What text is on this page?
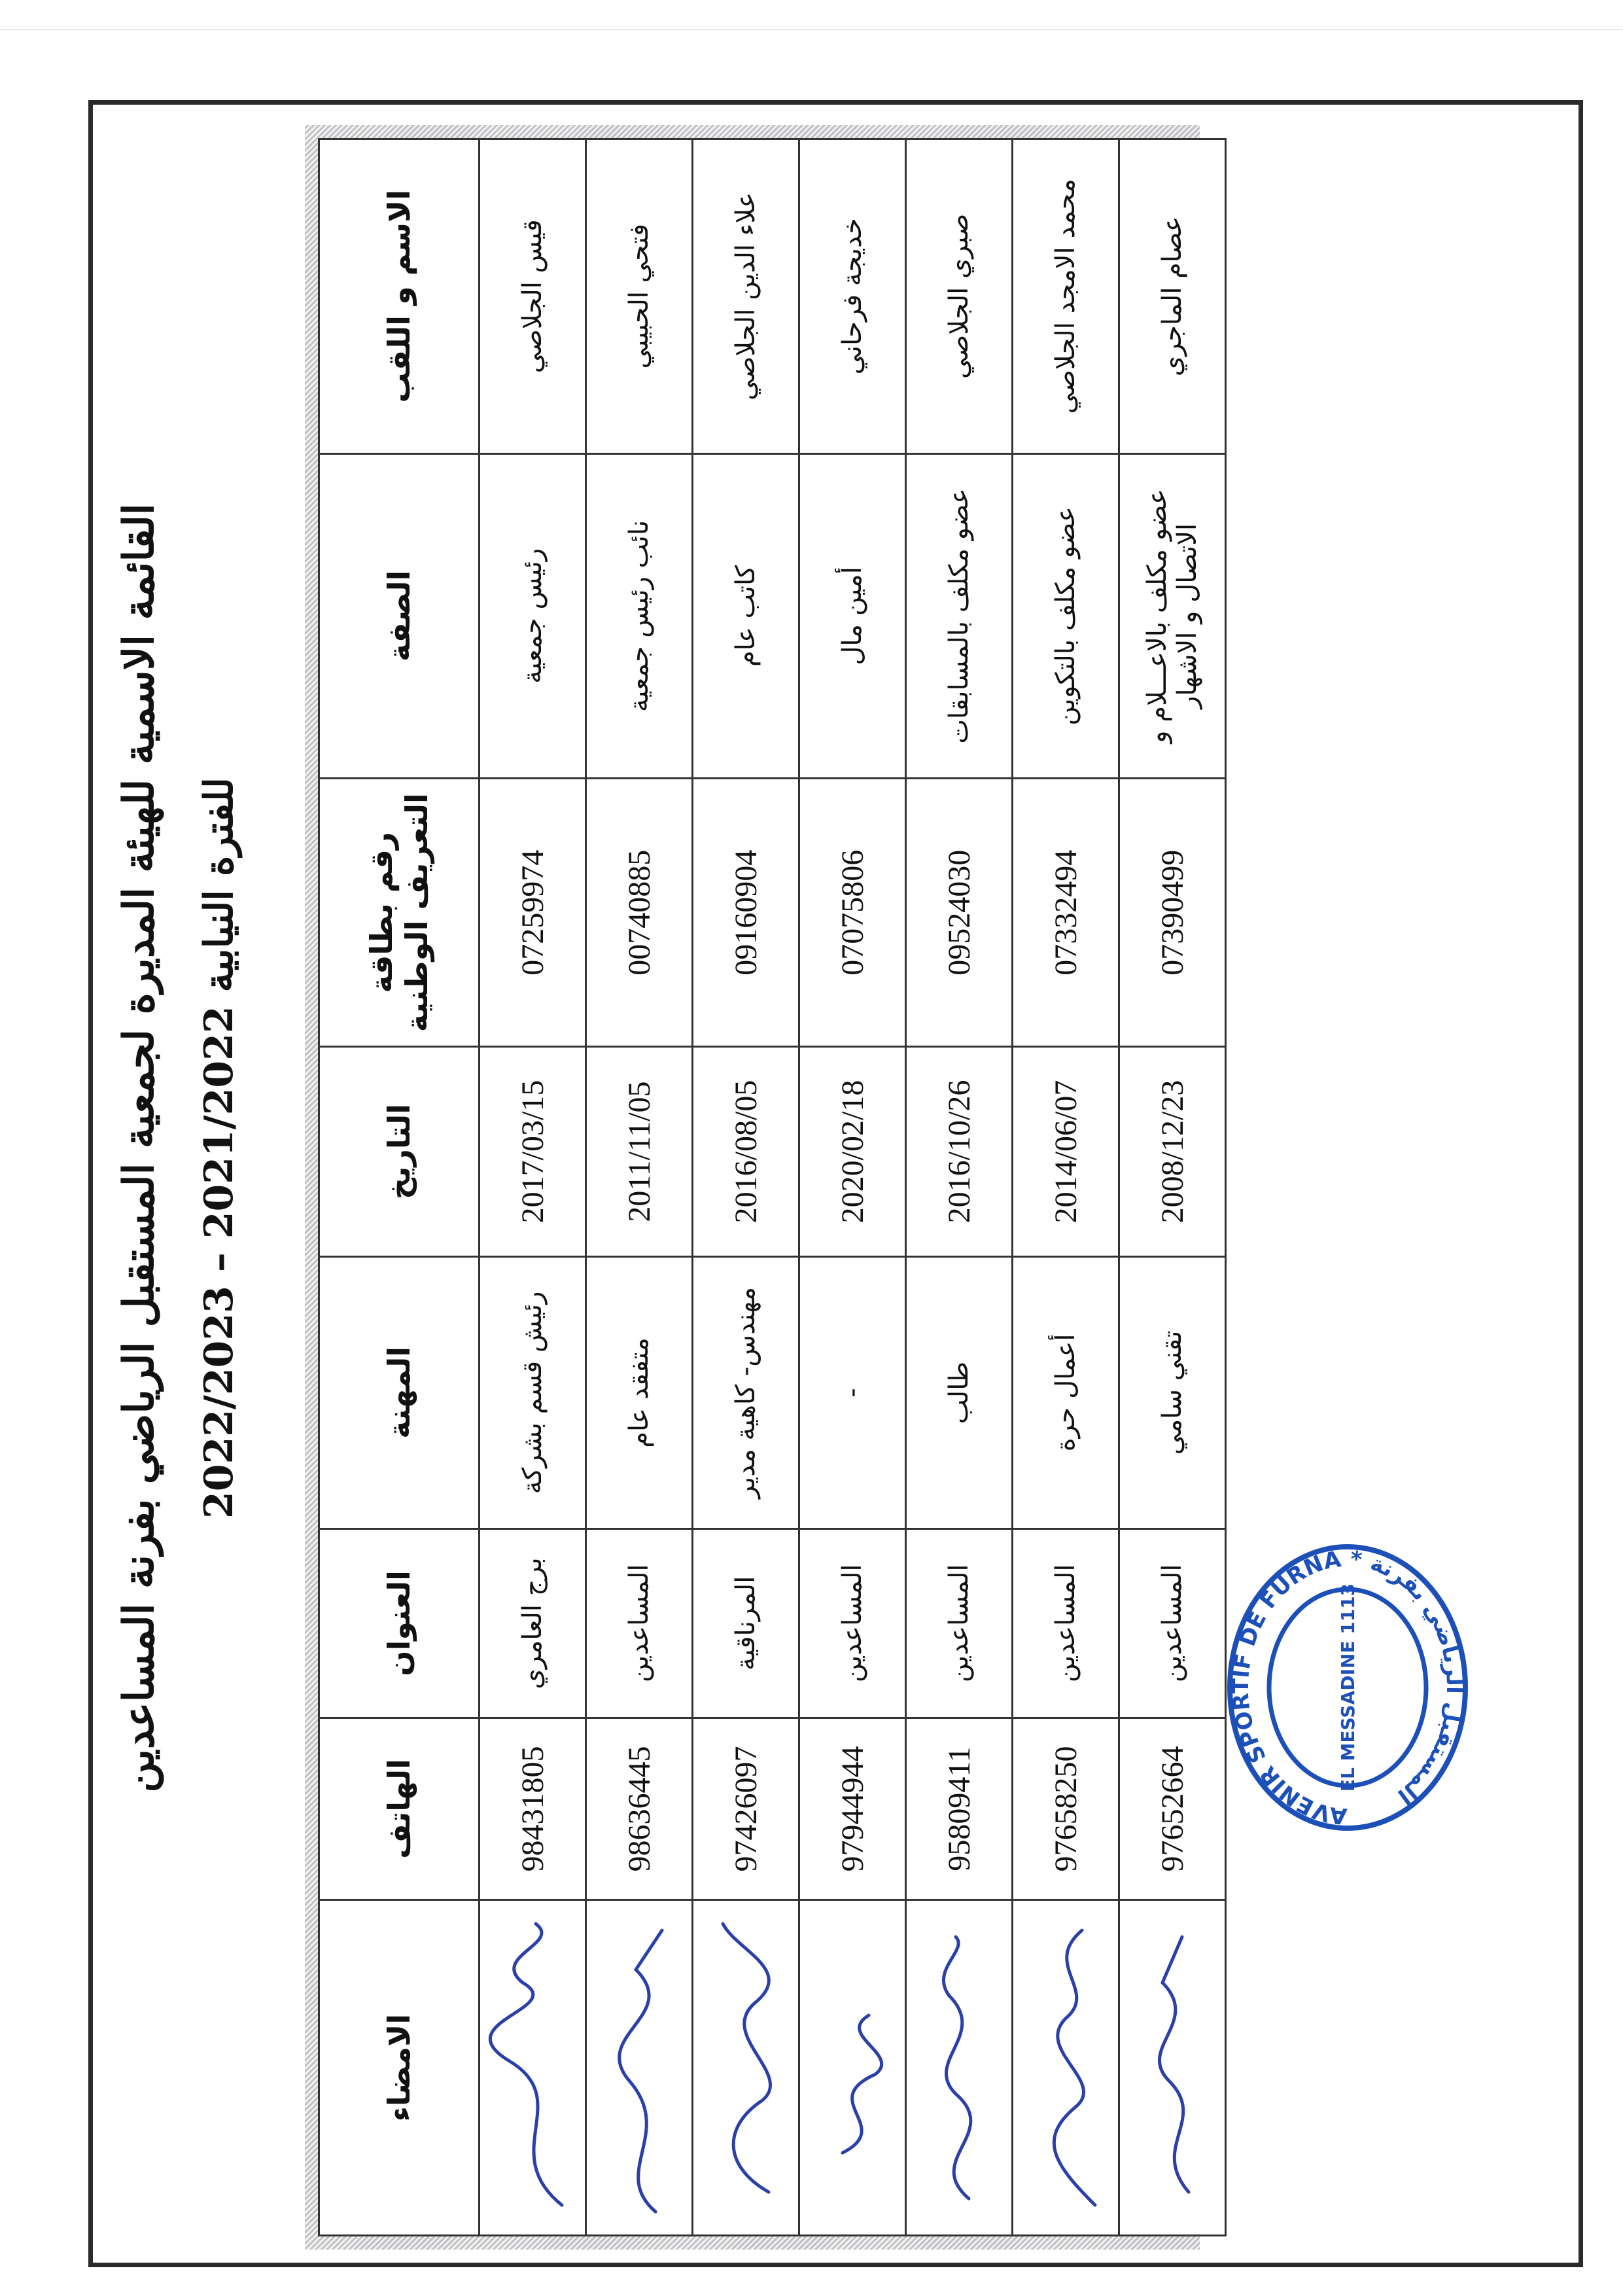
القائمة الاسمية للهيئة المديرة لجمعية المستقبل الرياضي بفرنة المساعدين للفترة النيابية 2021/2022 – 2022/2023
الاسم و اللقب	الصفة	رقم بطاقة التعريف الوطنية	التاريخ	المهنة	العنوان	الهاتف	الامضاء
قيس الجلاصي	رئيس جمعية	07259974	2017/03/15	رئيش قسم بشركة	برج العامري	98431805	

فتحي الحبيبي	نائب رئيس جمعية	00740885	2011/11/05	متفقد عام	المساعدين	98636445	

علاء الدين الجلاصي	كاتب عام	09160904	2016/08/05	مهندس- كاهية مدير	المرناقية	97426097	

خديجة فرحاني	أمين مال	07075806	2020/02/18	-	المساعدين	97944944	

صبري الجلاصي	عضو مكلف بالمسابقات	09524030	2016/10/26	طالب	المساعدين	95809411	

محمد الامجد الجلاصي	عضو مكلف بالتكوين	07332494	2014/06/07	أعمال حرة	المساعدين	97658250	

عصام الماجري	عضو مكلف بالاعـــلام و الاتصال و الاشهار	07390499	2008/12/23	تقني سامي	المساعدين	97652664		AVENIR SPORTIF DE FURNA * المستقبل الرياضي بفرنة
EL MESSADINE 1113
